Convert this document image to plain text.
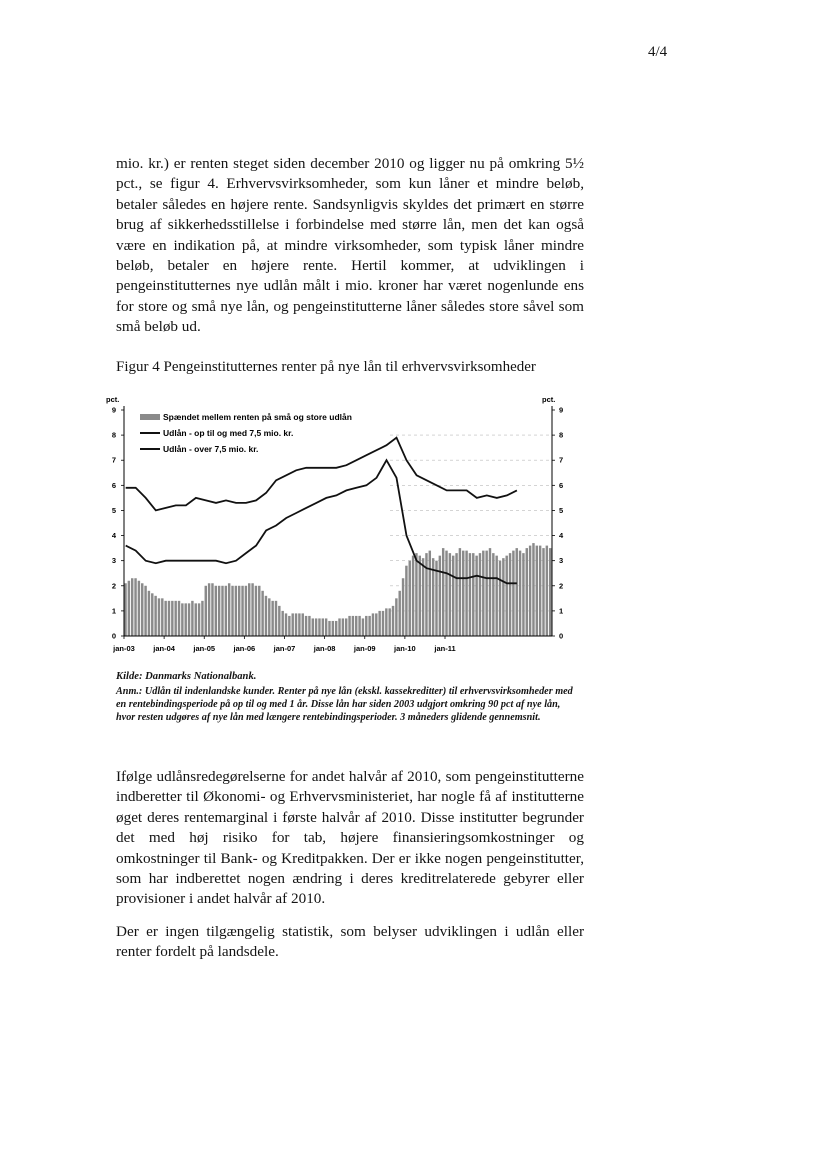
4/4

mio. kr.) er renten steget siden december 2010 og ligger nu på omkring 5½ pct., se figur 4. Erhvervsvirksomheder, som kun låner et mindre beløb, betaler således en højere rente. Sandsynligvis skyldes det primært en større brug af sikkerhedsstillelse i forbindelse med større lån, men det kan også være en indikation på, at mindre virksomheder, som typisk låner mindre beløb, betaler en højere rente. Hertil kommer, at udviklingen i pengeinstitutternes nye udlån målt i mio. kroner har været nogenlunde ens for store og små nye lån, og pengeinstitutterne låner således store såvel som små beløb ud.

Figur 4 Pengeinstitutternes renter på nye lån til erhvervsvirksomheder
0	0
1	1
2	2
3	3
4	4
5	5
6	6
7	7
8	8
9	9
pct.	pct.
jan-03 jan-04 jan-05 jan-06 jan-07 jan-08 jan-09 jan-10 jan-11
Spændet mellem renten på små og store udlån
Udlån - op til og med 7,5 mio. kr.
Udlån - over 7,5 mio. kr.
Kilde: Danmarks Nationalbank.

Anm.: Udlån til indenlandske kunder. Renter på nye lån (ekskl. kassekreditter) til erhvervsvirksomheder med en rentebindingsperiode på op til og med 1 år. Disse lån har siden 2003 udgjort omkring 90 pct af nye lån, hvor resten udgøres af nye lån med længere rentebindingsperioder. 3 måneders glidende gennemsnit.

Ifølge udlånsredegørelserne for andet halvår af 2010, som pengeinstitutterne indberetter til Økonomi- og Erhvervsministeriet, har nogle få af institutterne øget deres rentemarginal i første halvår af 2010. Disse institutter begrunder det med høj risiko for tab, højere finansieringsomkostninger og omkostninger til Bank- og Kreditpakken. Der er ikke nogen pengeinstitutter, som har indberettet nogen ændring i deres kreditrelaterede gebyrer eller provisioner i andet halvår af 2010.

Der er ingen tilgængelig statistik, som belyser udviklingen i udlån eller renter fordelt på landsdele.
